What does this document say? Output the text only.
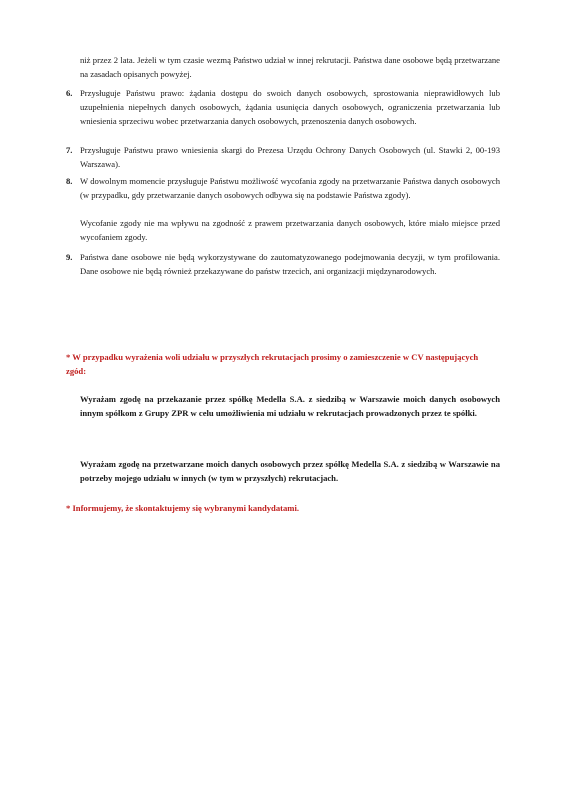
niż przez 2 lata. Jeżeli w tym czasie wezmą Państwo udział w innej rekrutacji. Państwa dane osobowe będą przetwarzane na zasadach opisanych powyżej.
6. Przysługuje Państwu prawo: żądania dostępu do swoich danych osobowych, sprostowania nieprawidłowych lub uzupełnienia niepełnych danych osobowych, żądania usunięcia danych osobowych, ograniczenia przetwarzania lub wniesienia sprzeciwu wobec przetwarzania danych osobowych, przenoszenia danych osobowych.
7. Przysługuje Państwu prawo wniesienia skargi do Prezesa Urzędu Ochrony Danych Osobowych (ul. Stawki 2, 00-193 Warszawa).
8. W dowolnym momencie przysługuje Państwu możliwość wycofania zgody na przetwarzanie Państwa danych osobowych (w przypadku, gdy przetwarzanie danych osobowych odbywa się na podstawie Państwa zgody).
Wycofanie zgody nie ma wpływu na zgodność z prawem przetwarzania danych osobowych, które miało miejsce przed wycofaniem zgody.
9. Państwa dane osobowe nie będą wykorzystywane do zautomatyzowanego podejmowania decyzji, w tym profilowania. Dane osobowe nie będą również przekazywane do państw trzecich, ani organizacji międzynarodowych.
* W przypadku wyrażenia woli udziału w przyszłych rekrutacjach prosimy o zamieszczenie w CV następujących zgód:
Wyrażam zgodę na przekazanie przez spółkę Medella S.A. z siedzibą w Warszawie moich danych osobowych innym spółkom z Grupy ZPR w celu umożliwienia mi udziału w rekrutacjach prowadzonych przez te spółki.
Wyrażam zgodę na przetwarzane moich danych osobowych przez spółkę Medella S.A. z siedzibą w Warszawie na potrzeby mojego udziału w innych (w tym w przyszłych) rekrutacjach.
* Informujemy, że skontaktujemy się wybranymi kandydatami.
